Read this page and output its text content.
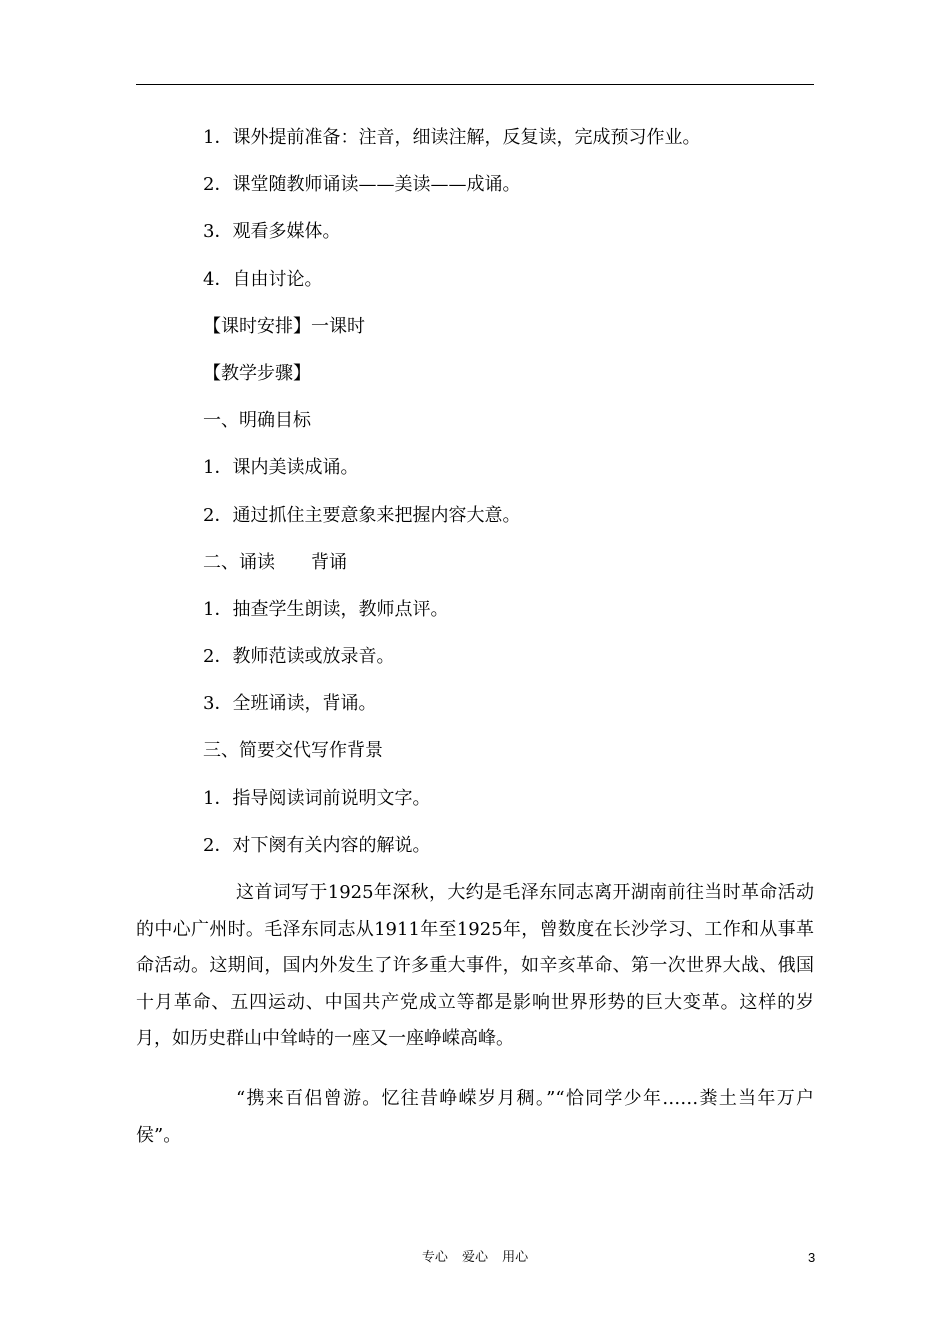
1．课外提前准备：注音，细读注解，反复读，完成预习作业。
2．课堂随教师诵读——美读——成诵。
3．观看多媒体。
4．自由讨论。
【课时安排】一课时
【教学步骤】
一、明确目标
1．课内美读成诵。
2．通过抓住主要意象来把握内容大意。
二、诵读　　背诵
1．抽查学生朗读，教师点评。
2．教师范读或放录音。
3．全班诵读，背诵。
三、简要交代写作背景
1．指导阅读词前说明文字。
2．对下阕有关内容的解说。
这首词写于1925年深秋，大约是毛泽东同志离开湖南前往当时革命活动的中心广州时。毛泽东同志从1911年至1925年，曾数度在长沙学习、工作和从事革命活动。这期间，国内外发生了许多重大事件，如辛亥革命、第一次世界大战、俄国十月革命、五四运动、中国共产党成立等都是影响世界形势的巨大变革。这样的岁月，如历史群山中耸峙的一座又一座峥嵘高峰。
“携来百侣曾游。忆往昔峥嵘岁月稠。”“恰同学少年……粪土当年万户侯”。
专心 爱心 用心	3
